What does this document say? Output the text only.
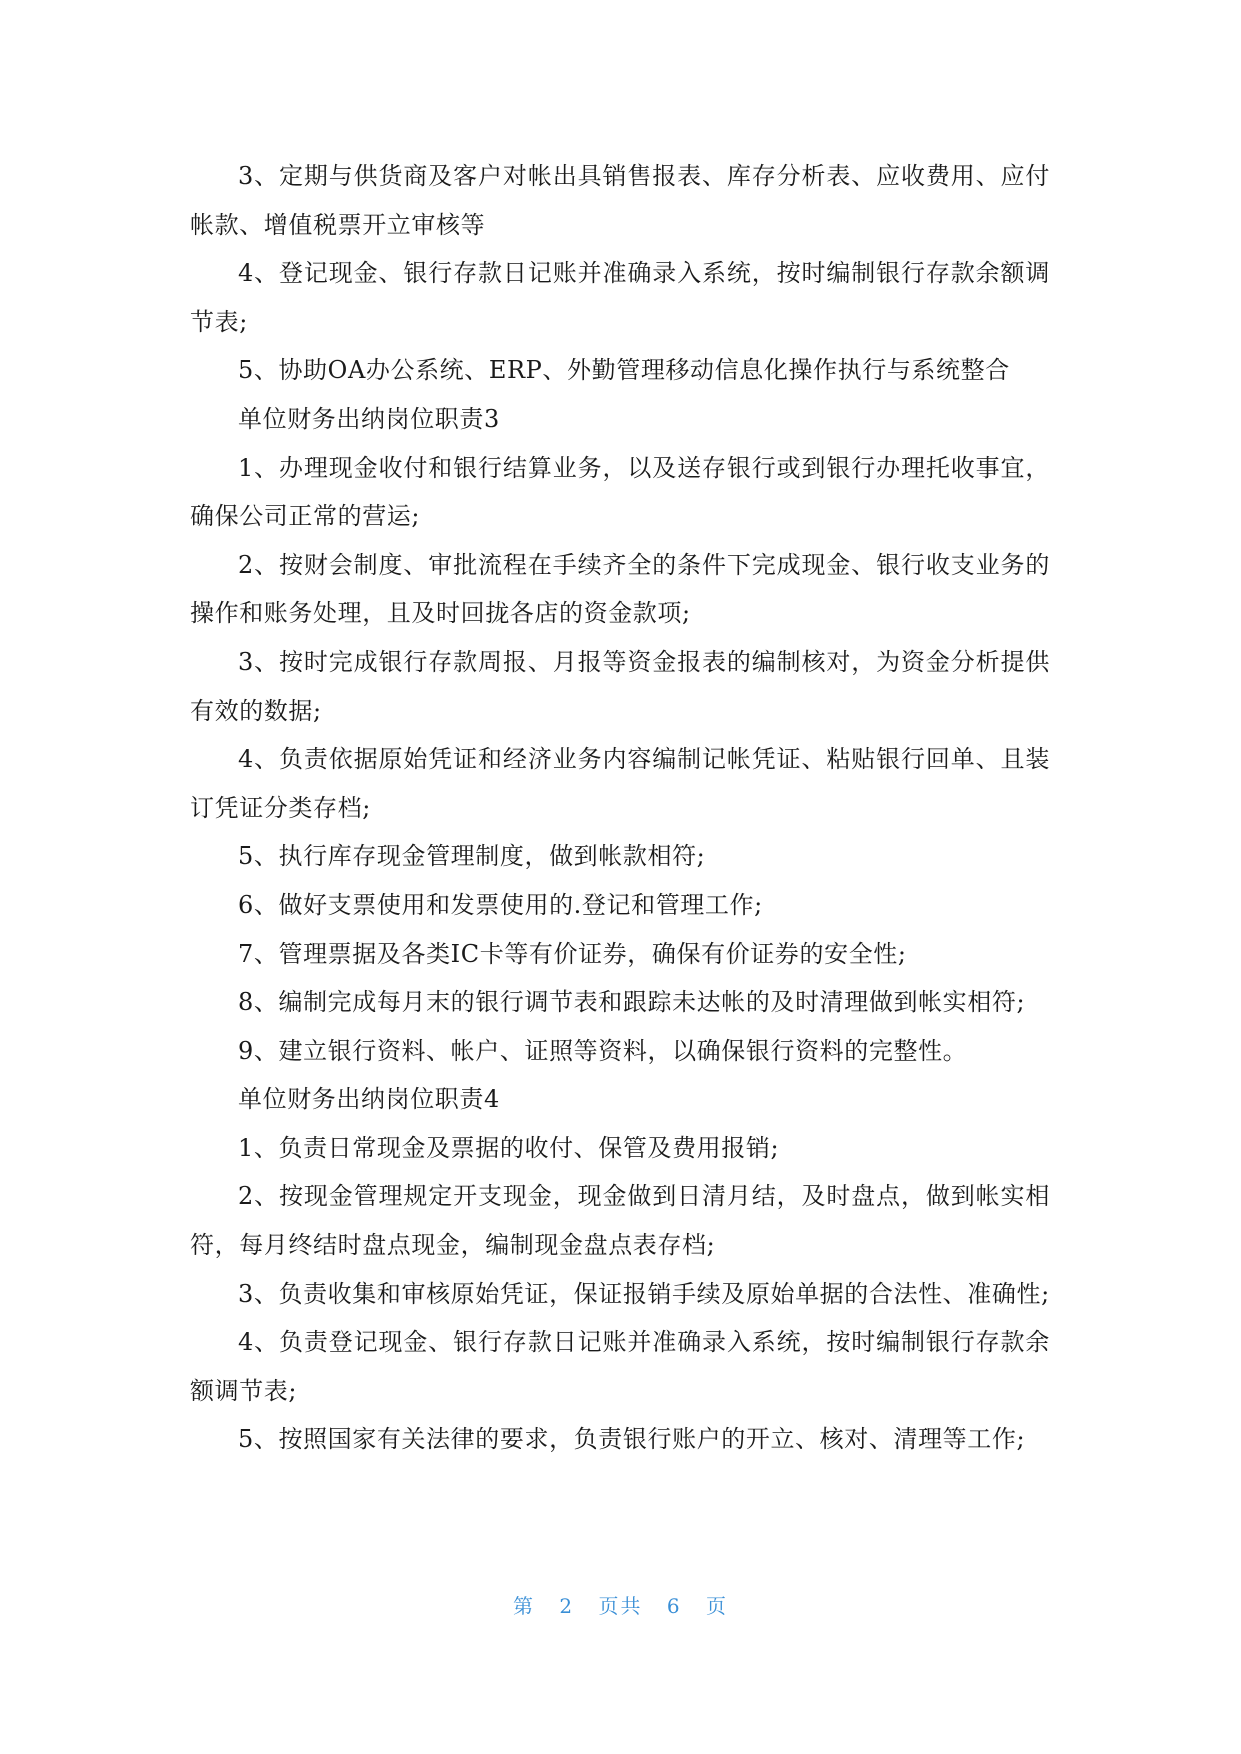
3、定期与供货商及客户对帐出具销售报表、库存分析表、应收费用、应付帐款、增值税票开立审核等

4、登记现金、银行存款日记账并准确录入系统，按时编制银行存款余额调节表;

5、协助OA办公系统、ERP、外勤管理移动信息化操作执行与系统整合

单位财务出纳岗位职责3

1、办理现金收付和银行结算业务，以及送存银行或到银行办理托收事宜，确保公司正常的营运;

2、按财会制度、审批流程在手续齐全的条件下完成现金、银行收支业务的操作和账务处理，且及时回拢各店的资金款项;

3、按时完成银行存款周报、月报等资金报表的编制核对，为资金分析提供有效的数据;

4、负责依据原始凭证和经济业务内容编制记帐凭证、粘贴银行回单、且装订凭证分类存档;

5、执行库存现金管理制度，做到帐款相符;

6、做好支票使用和发票使用的.登记和管理工作;

7、管理票据及各类IC卡等有价证券，确保有价证券的安全性;

8、编制完成每月末的银行调节表和跟踪未达帐的及时清理做到帐实相符;

9、建立银行资料、帐户、证照等资料，以确保银行资料的完整性。

单位财务出纳岗位职责4

1、负责日常现金及票据的收付、保管及费用报销;

2、按现金管理规定开支现金，现金做到日清月结，及时盘点，做到帐实相符，每月终结时盘点现金，编制现金盘点表存档;

3、负责收集和审核原始凭证，保证报销手续及原始单据的合法性、准确性;

4、负责登记现金、银行存款日记账并准确录入系统，按时编制银行存款余额调节表;

5、按照国家有关法律的要求，负责银行账户的开立、核对、清理等工作;

第 2 页共 6 页
